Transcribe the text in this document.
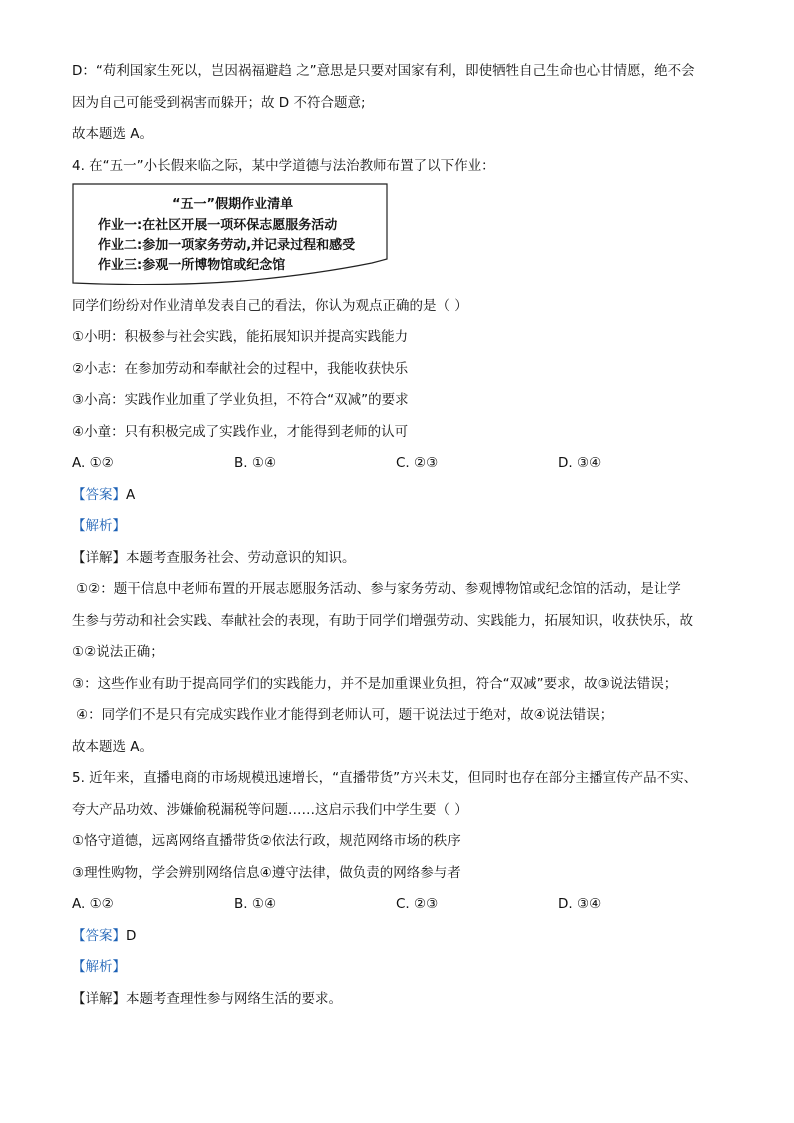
D：“苟利国家生死以，岂因祸福避趋 之”意思是只要对国家有利，即使牺牲自己生命也心甘情愿，绝不会

因为自己可能受到祸害而躲开；故 D 不符合题意;

故本题选 A。

4. 在“五一”小长假来临之际，某中学道德与法治教师布置了以下作业：

“五一”假期作业清单
作业一:在社区开展一项环保志愿服务活动
作业二:参加一项家务劳动,并记录过程和感受
作业三:参观一所博物馆或纪念馆

同学们纷纷对作业清单发表自己的看法，你认为观点正确的是（ ）

①小明：积极参与社会实践，能拓展知识并提高实践能力

②小志：在参加劳动和奉献社会的过程中，我能收获快乐

③小高：实践作业加重了学业负担，不符合“双减”的要求

④小童：只有积极完成了实践作业，才能得到老师的认可

A. ①②	B. ①④	C. ②③	D. ③④

【答案】A

【解析】

【详解】本题考查服务社会、劳动意识的知识。

①②：题干信息中老师布置的开展志愿服务活动、参与家务劳动、参观博物馆或纪念馆的活动，是让学

生参与劳动和社会实践、奉献社会的表现，有助于同学们增强劳动、实践能力，拓展知识，收获快乐，故

①②说法正确；

③：这些作业有助于提高同学们的实践能力，并不是加重课业负担，符合“双减”要求，故③说法错误；

④：同学们不是只有完成实践作业才能得到老师认可，题干说法过于绝对，故④说法错误；

故本题选 A。

5. 近年来，直播电商的市场规模迅速增长，“直播带货”方兴未艾，但同时也存在部分主播宣传产品不实、

夸大产品功效、涉嫌偷税漏税等问题……这启示我们中学生要（ ）

①恪守道德，远离网络直播带货②依法行政，规范网络市场的秩序

③理性购物，学会辨别网络信息④遵守法律，做负责的网络参与者

A. ①②	B. ①④	C. ②③	D. ③④

【答案】D

【解析】

【详解】本题考查理性参与网络生活的要求。
